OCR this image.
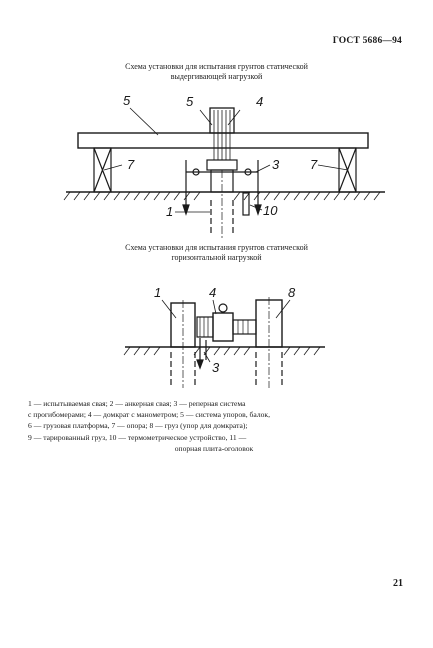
ГОСТ 5686—94
Схема установки для испытания грунтов статической
выдергивающей нагрузкой
5	5	4
7	7
3
1	10
Схема установки для испытания грунтов статической
горизонтальной нагрузкой
1	4	8
3
1 — испытываемая свая; 2 — анкерная свая; 3 — реперная система
с прогибомерами; 4 — домкрат с манометром; 5 — система упоров, балок,
6 — грузовая платформа, 7 — опора; 8 — груз (упор для домкрата);
9 — тарированный груз, 10 — термометрическое устройство, 11 —
опорная плита-оголовок
21
